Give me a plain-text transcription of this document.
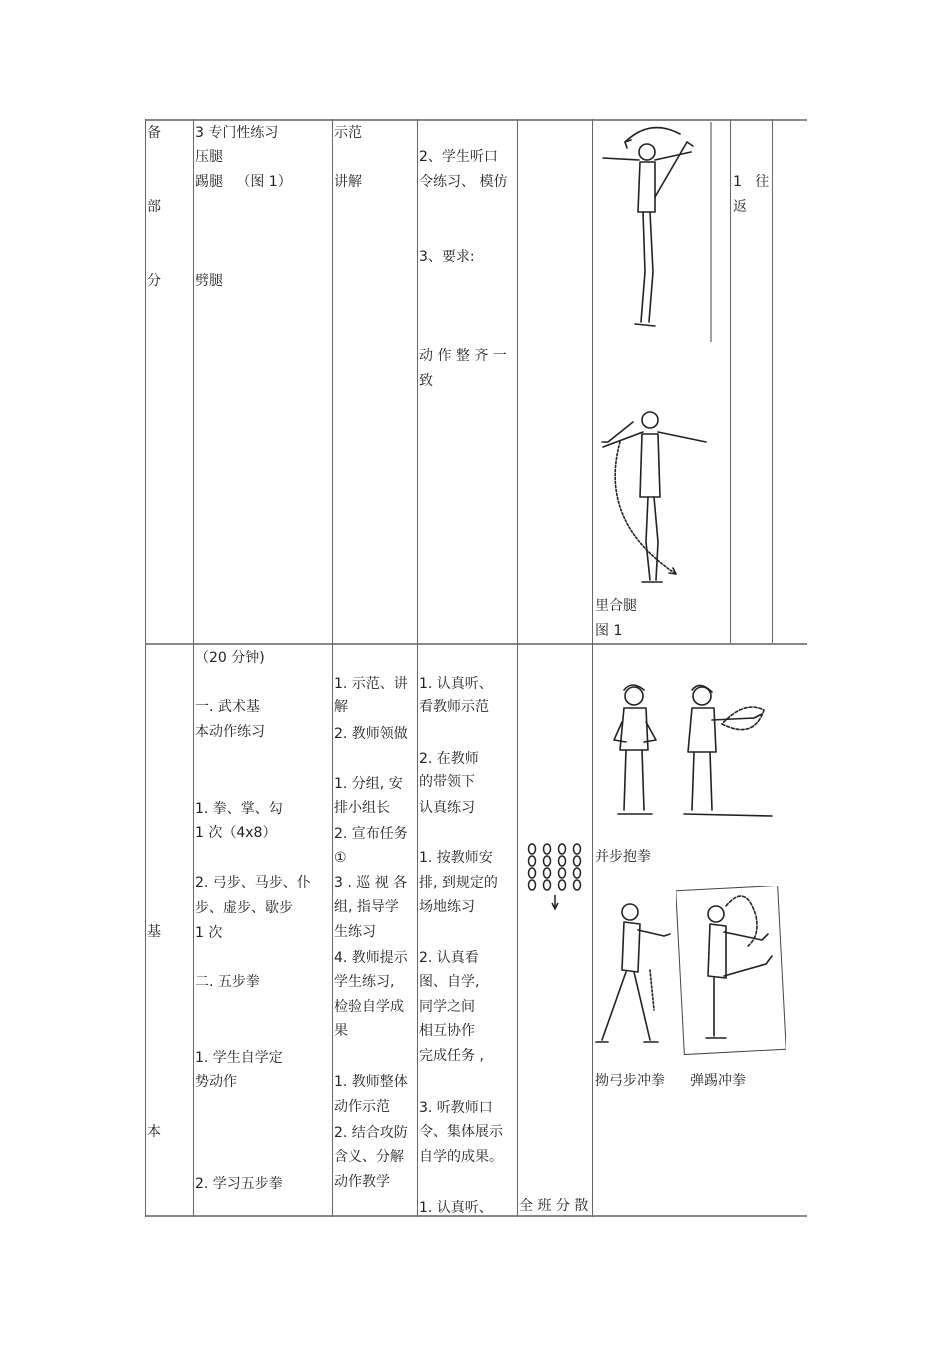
备
部
分
3 专门性练习
压腿
踢腿   （图 1）
劈腿
示范
讲解
2、学生听口
令练习、 模仿
3、要求:
动 作 整 齐 一
致
1   往
返
里合腿
图 1
基
本
（20 分钟)
一. 武术基
本动作练习
1. 拳、掌、勾
1 次（4x8）
2. 弓步、马步、仆
步、虚步、歇步
1 次
二. 五步拳
1. 学生自学定
势动作
2. 学习五步拳
1. 示范、讲
解
2. 教师领做
1. 分组, 安
排小组长
2. 宣布任务
①
3 . 巡 视 各
组, 指导学
生练习
4. 教师提示
学生练习,
检验自学成
果
1. 教师整体
动作示范
2. 结合攻防
含义、分解
动作教学
1. 认真听、
看教师示范
2. 在教师
的带领下
认真练习
1. 按教师安
排, 到规定的
场地练习
2. 认真看
图、自学,
同学之间
相互协作
完成任务 ,
3. 听教师口
令、集体展示
自学的成果。
1. 认真听、 全 班 分 散
并步抱拳
拗弓步冲拳 弹踢冲拳
